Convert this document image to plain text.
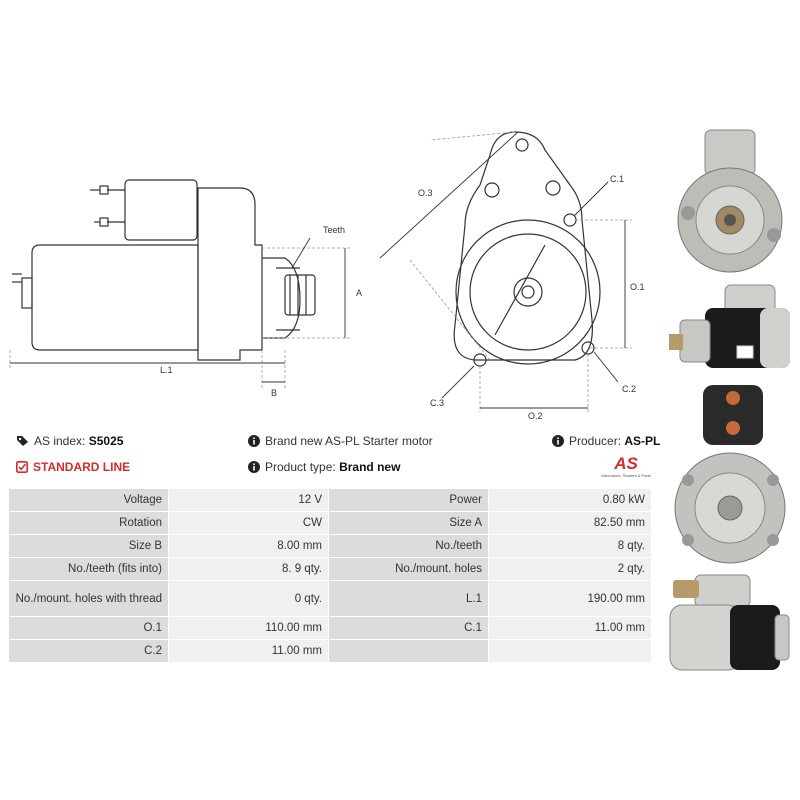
Teeth
A
L.1
B
O.3
C.1
O.1
C.2
C.3
O.2
AS index:
S5025	Brand new AS-PL Starter motor	Producer:
AS-PL
STANDARD LINE	Product type:
Brand new	AS
Alternators, Starters & Parts
Voltage	12 V	Power	0.80 kW
Rotation	CW	Size A	82.50 mm
Size B	8.00 mm	No./teeth	8 qty.
No./teeth (fits into)	8. 9 qty.	No./mount. holes	2 qty.
No./mount. holes with thread	0 qty.	L.1	190.00 mm
O.1	110.00 mm	C.1	11.00 mm
C.2	11.00 mm		
